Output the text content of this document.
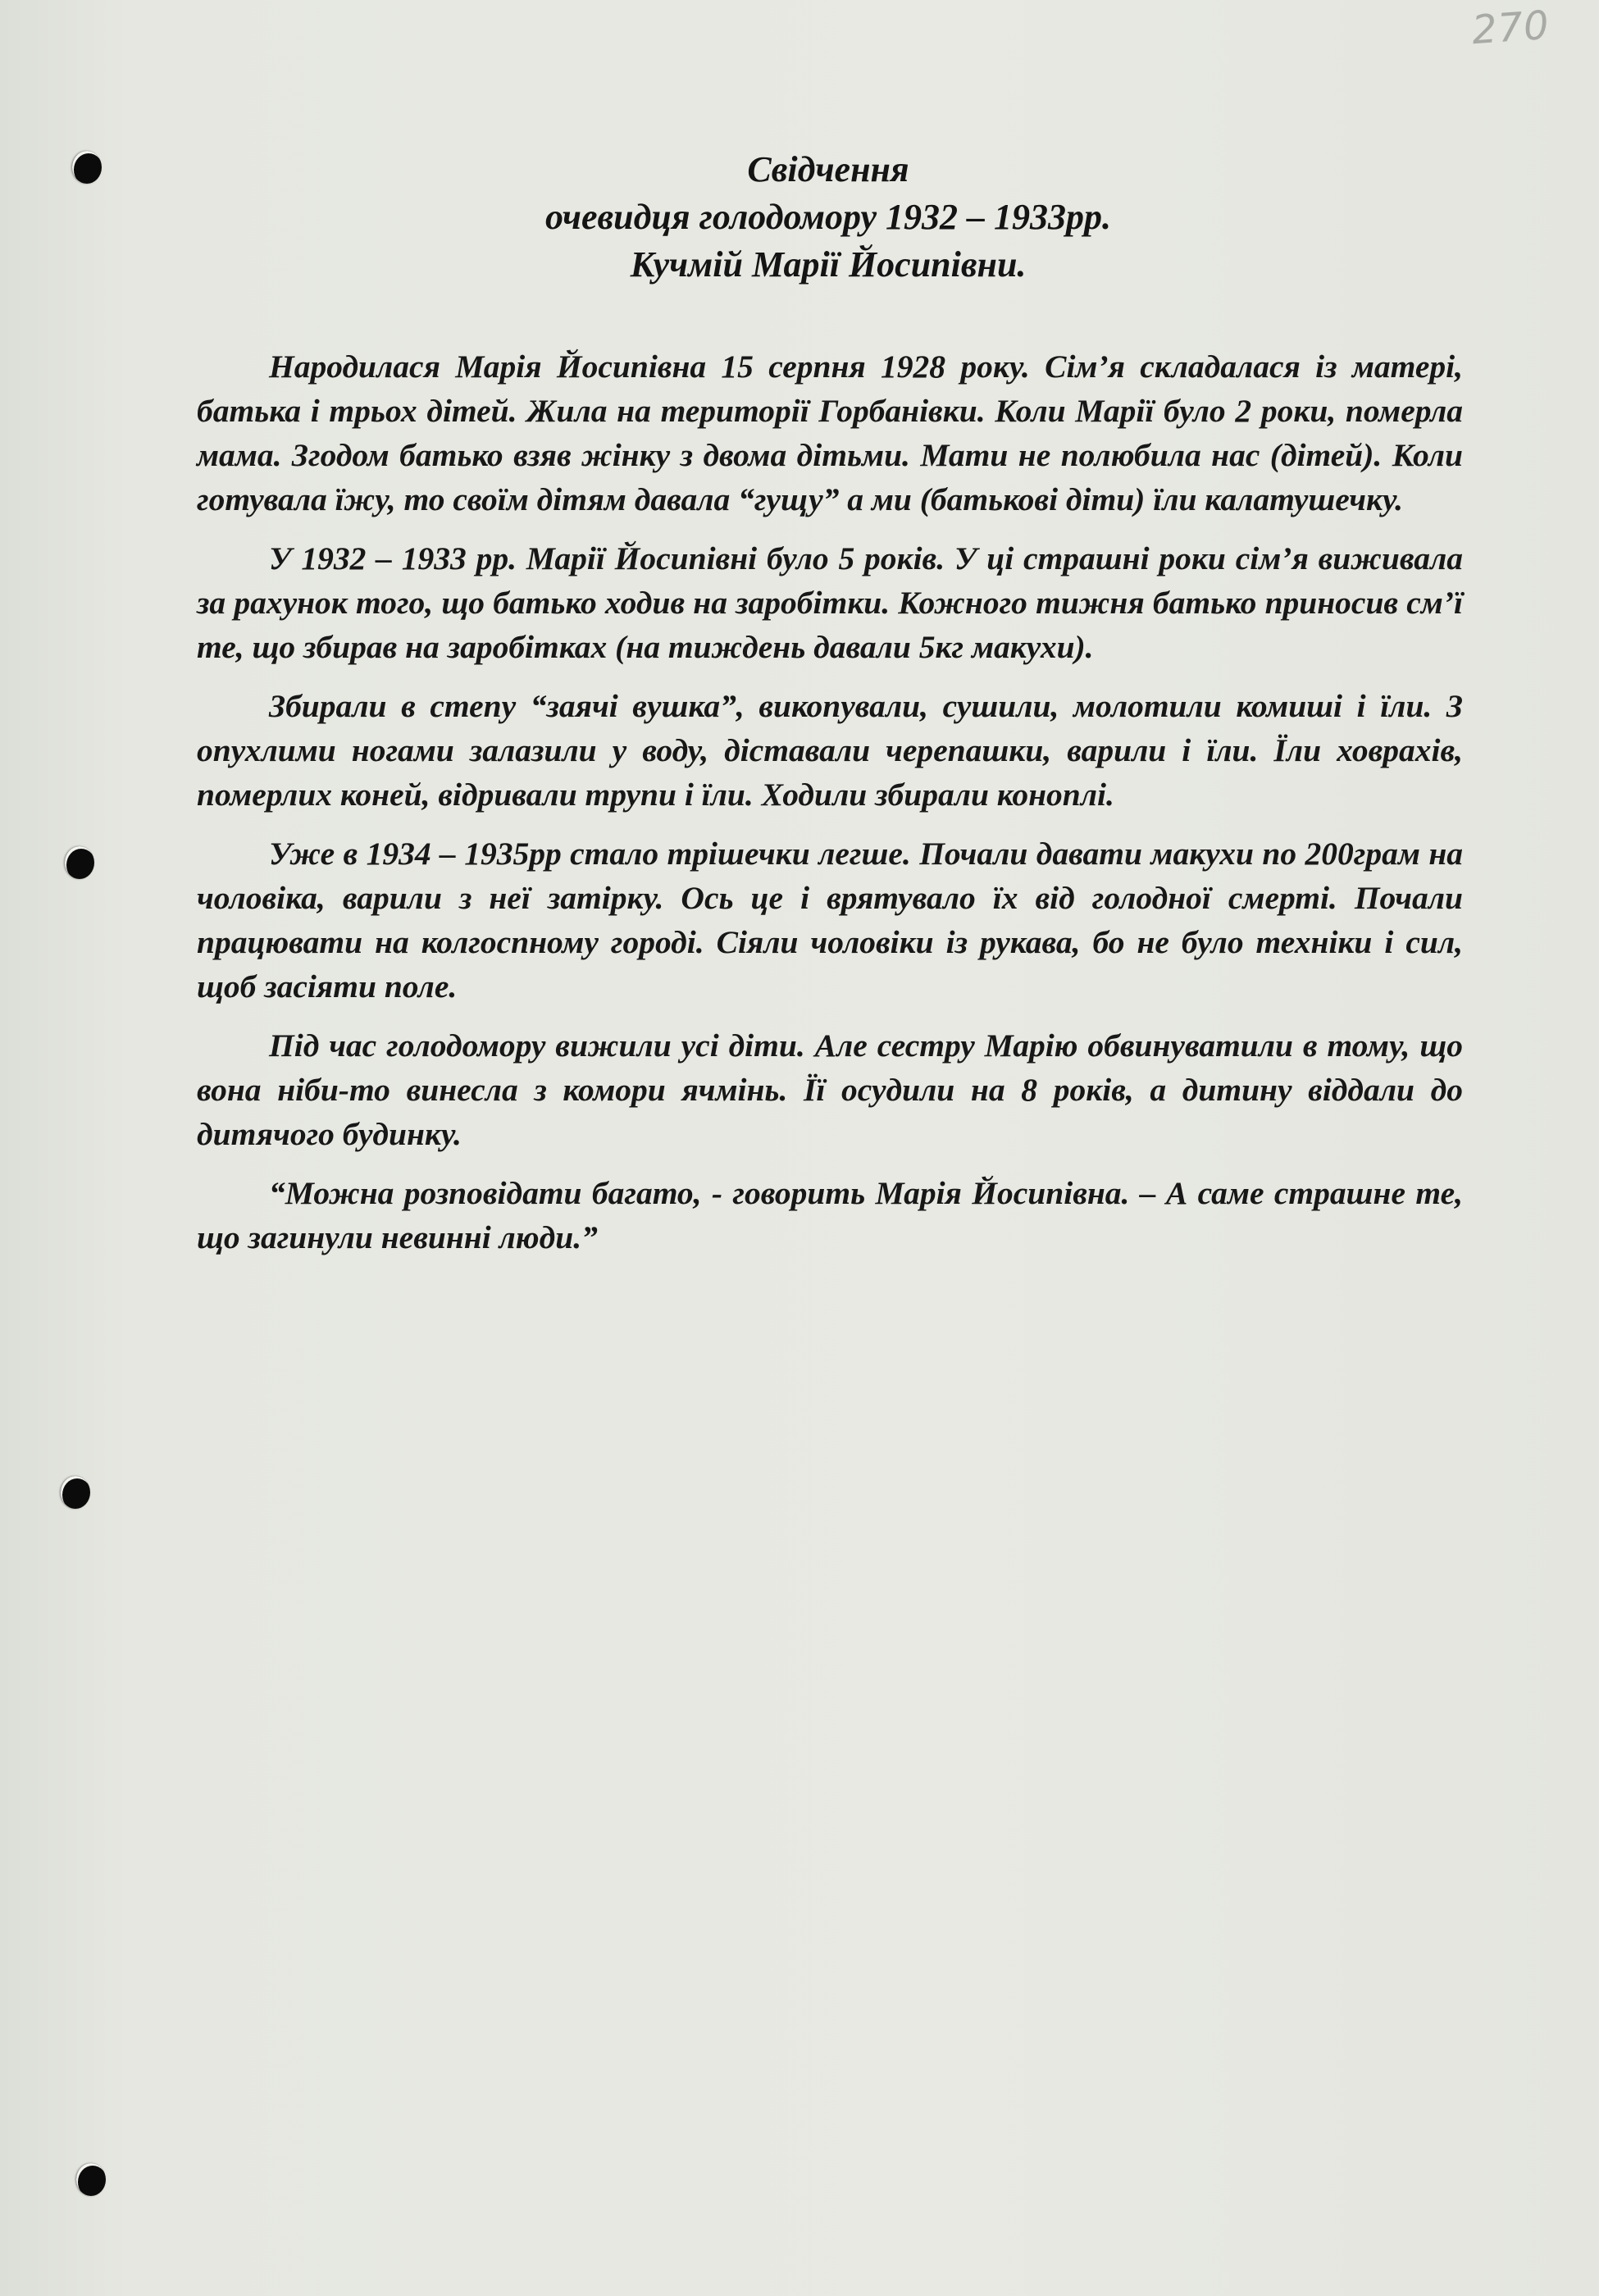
270
Свідчення
очевидця голодомору 1932 – 1933рр.
Кучмій Марії Йосипівни.

Народилася Марія Йосипівна 15 серпня 1928 року. Сім’я складалася із матері, батька і трьох дітей. Жила на території Горбанівки. Коли Марії було 2 роки, померла мама. Згодом батько взяв жінку з двома дітьми. Мати не полюбила нас (дітей). Коли готувала їжу, то своїм дітям давала “гущу” а ми (батькові діти) їли калатушечку.

У 1932 – 1933 рр. Марії Йосипівні було 5 років. У ці страшні роки сім’я виживала за рахунок того, що батько ходив на заробітки. Кожного тижня батько приносив см’ї те, що збирав на заробітках (на тиждень давали 5кг макухи).

Збирали в степу “заячі вушка”, викопували, сушили, молотили комиші і їли. З опухлими ногами залазили у воду, діставали черепашки, варили і їли. Їли ховрахів, померлих коней, відривали трупи і їли. Ходили збирали коноплі.

Уже в 1934 – 1935рр стало трішечки легше. Почали давати макухи по 200грам на чоловіка, варили з неї затірку. Ось це і врятувало їх від голодної смерті. Почали працювати на колгоспному городі. Сіяли чоловіки із рукава, бо не було техніки і сил, щоб засіяти поле.

Під час голодомору вижили усі діти. Але сестру Марію обвинуватили в тому, що вона ніби-то винесла з комори ячмінь. Її осудили на 8 років, а дитину віддали до дитячого будинку.

“Можна розповідати багато, - говорить Марія Йосипівна. – А саме страшне те, що загинули невинні люди.”
